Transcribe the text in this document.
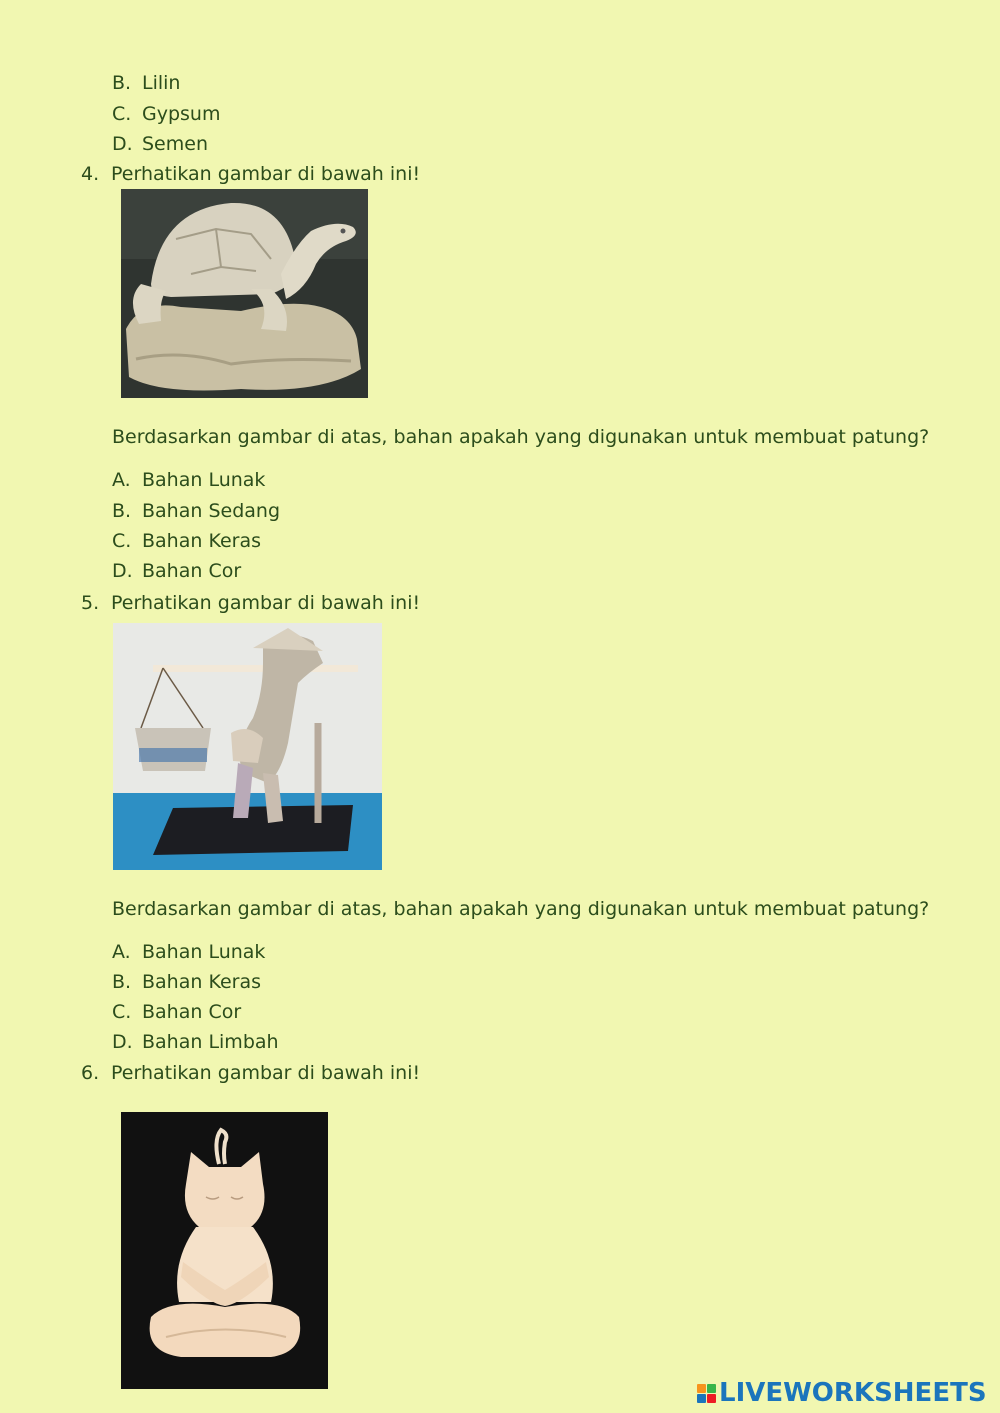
B. Lilin
C. Gypsum
D. Semen
4. Perhatikan gambar di bawah ini!
Berdasarkan gambar di atas, bahan apakah yang digunakan untuk membuat patung?
A. Bahan Lunak
B. Bahan Sedang
C. Bahan Keras
D. Bahan Cor
5. Perhatikan gambar di bawah ini!
Berdasarkan gambar di atas, bahan apakah yang digunakan untuk membuat patung?
A. Bahan Lunak
B. Bahan Keras
C. Bahan Cor
D. Bahan Limbah
6. Perhatikan gambar di bawah ini!
LIVEWORKSHEETS
